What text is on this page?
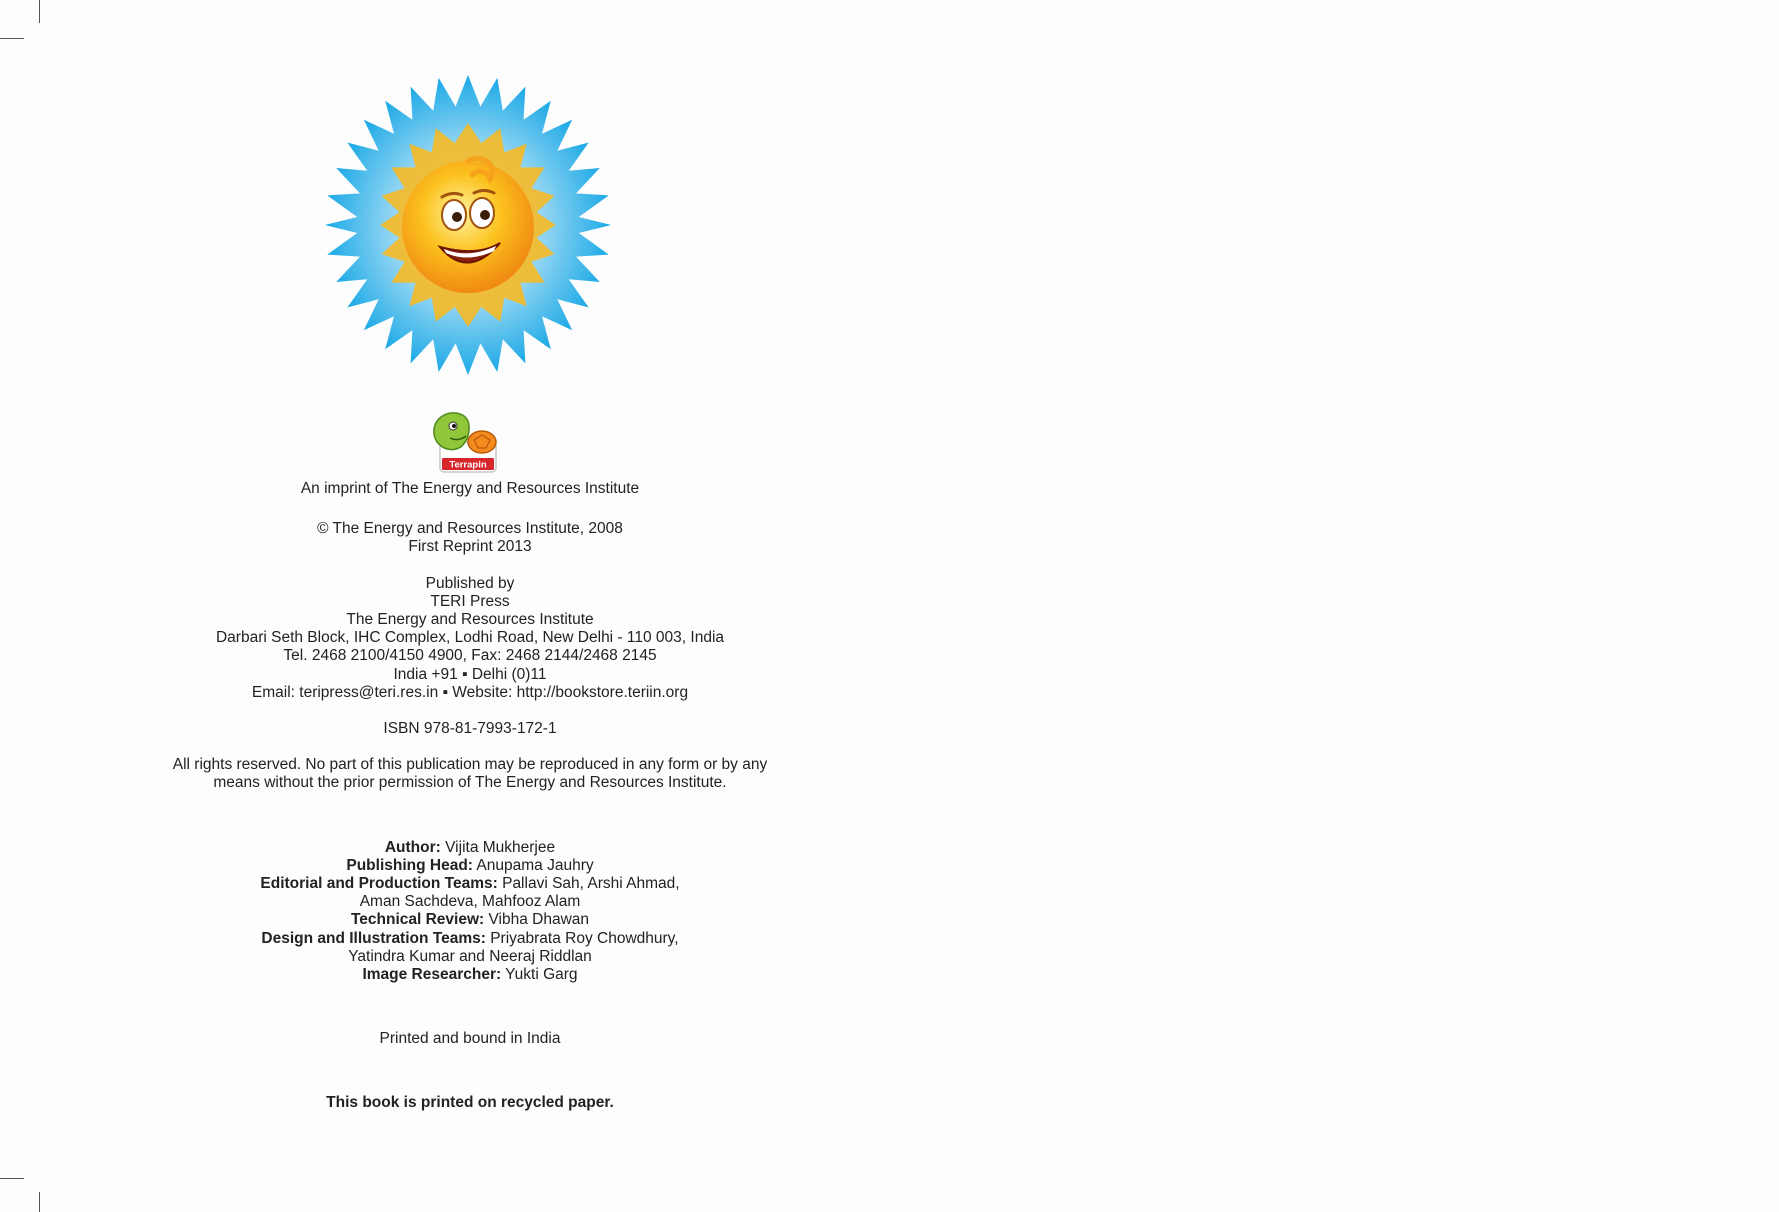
Terrapin

An imprint of The Energy and Resources Institute

© The Energy and Resources Institute, 2008

First Reprint 2013

Published by

TERI Press

The Energy and Resources Institute

Darbari Seth Block, IHC Complex, Lodhi Road, New Delhi - 110 003, India

Tel. 2468 2100/4150 4900, Fax: 2468 2144/2468 2145

India +91 ▪ Delhi (0)11

Email: teripress@teri.res.in ▪ Website: http://bookstore.teriin.org

ISBN 978-81-7993-172-1

All rights reserved. No part of this publication may be reproduced in any form or by any

means without the prior permission of The Energy and Resources Institute.

Author: Vijita Mukherjee

Publishing Head: Anupama Jauhry

Editorial and Production Teams: Pallavi Sah, Arshi Ahmad,

Aman Sachdeva, Mahfooz Alam

Technical Review: Vibha Dhawan

Design and Illustration Teams: Priyabrata Roy Chowdhury,

Yatindra Kumar and Neeraj Riddlan

Image Researcher: Yukti Garg

Printed and bound in India

This book is printed on recycled paper.
